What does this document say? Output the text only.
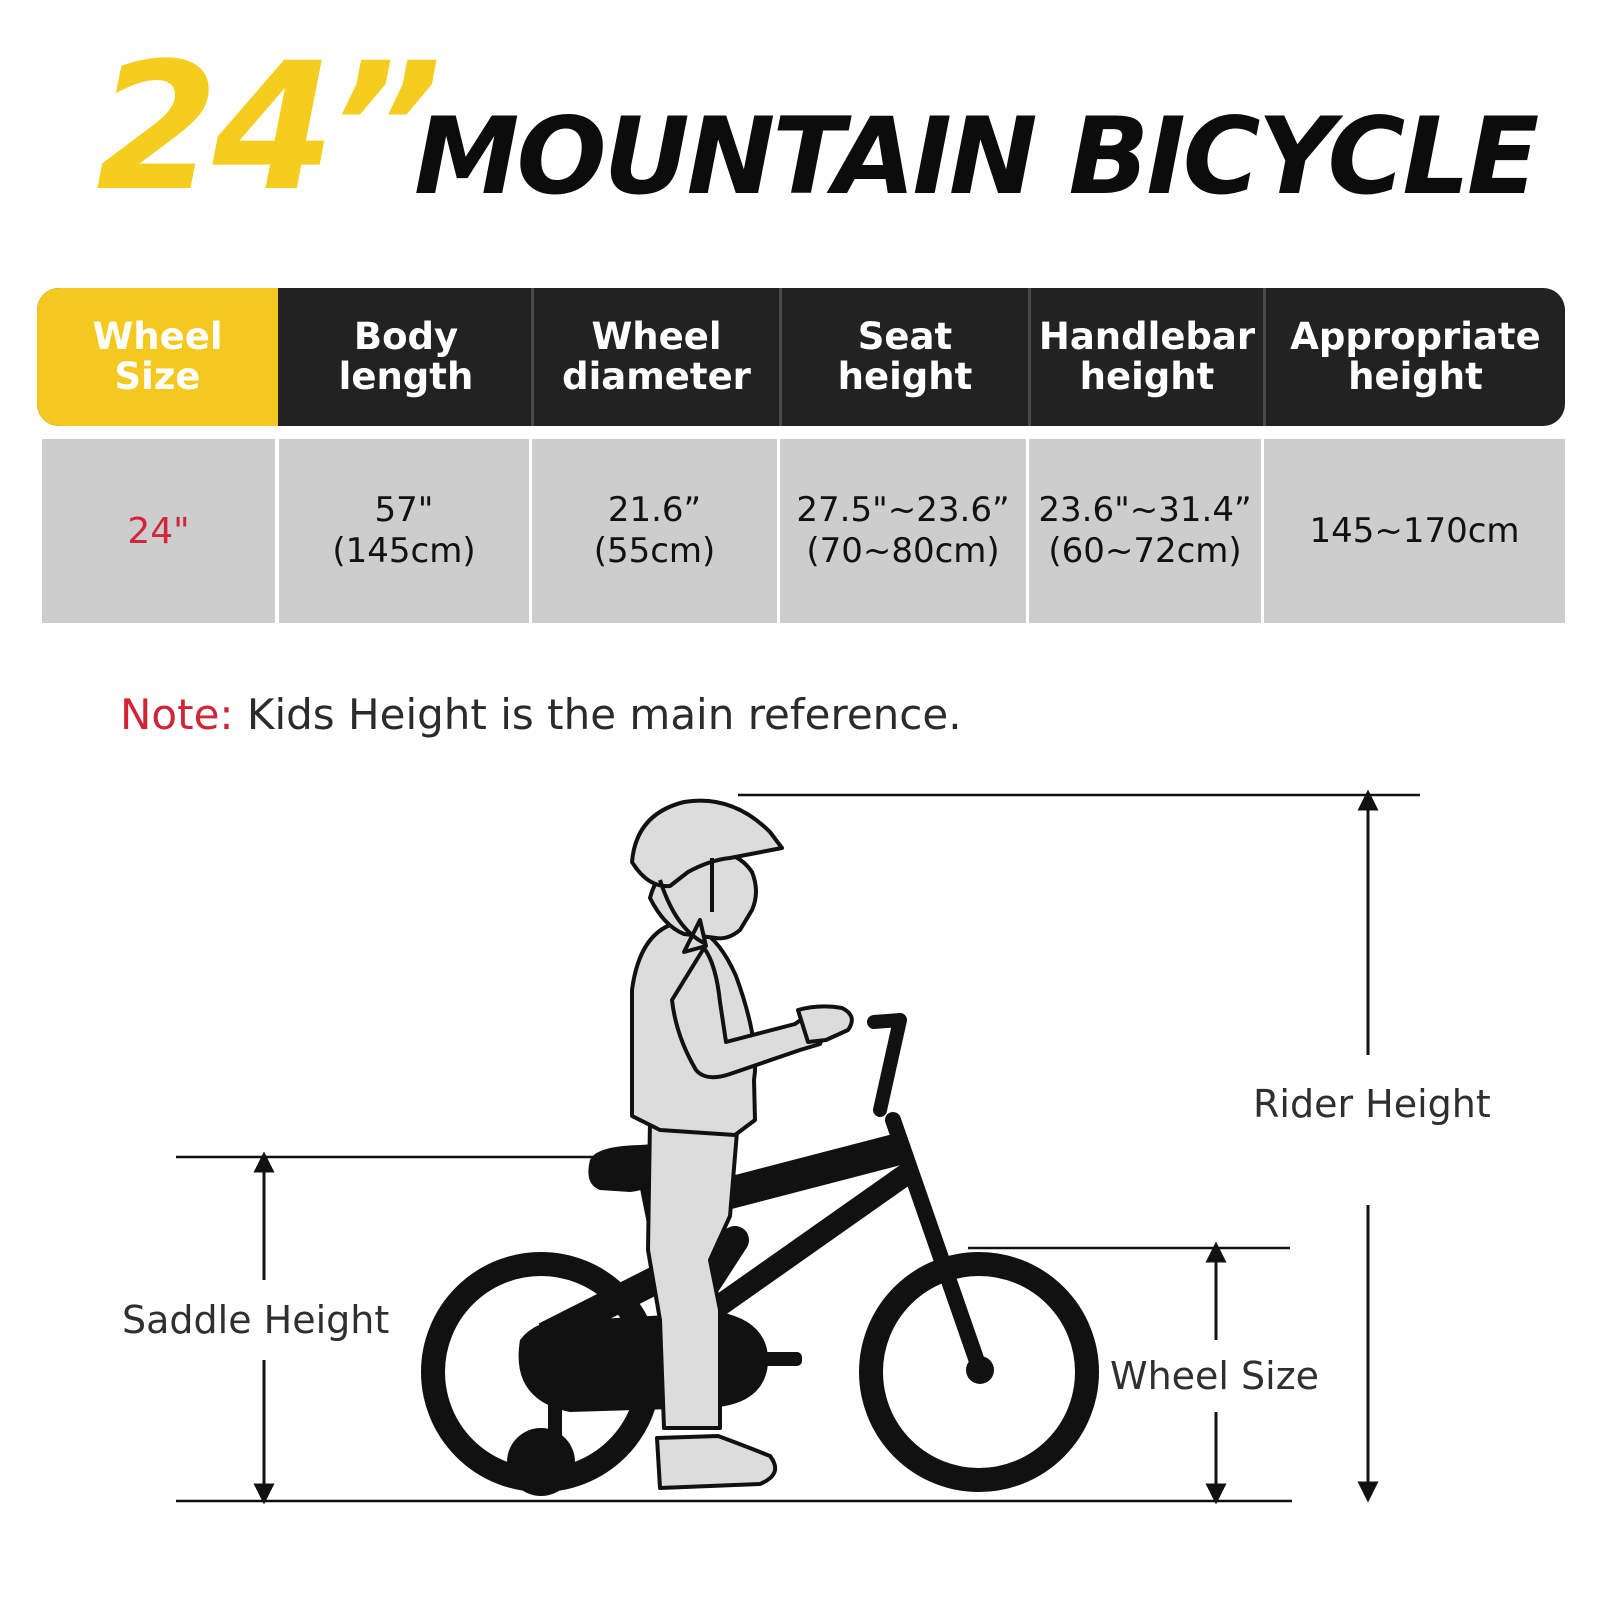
24”
MOUNTAIN BICYCLE
Wheel
Size
Body
length
Wheel
diameter
Seat
height
Handlebar
height
Appropriate
height
24"
57"
(145cm)
21.6”
(55cm)
27.5"~23.6”
(70~80cm)
23.6"~31.4”
(60~72cm)
145~170cm
Note: Kids Height is the main reference.
Rider Height
Saddle Height
Wheel Size
